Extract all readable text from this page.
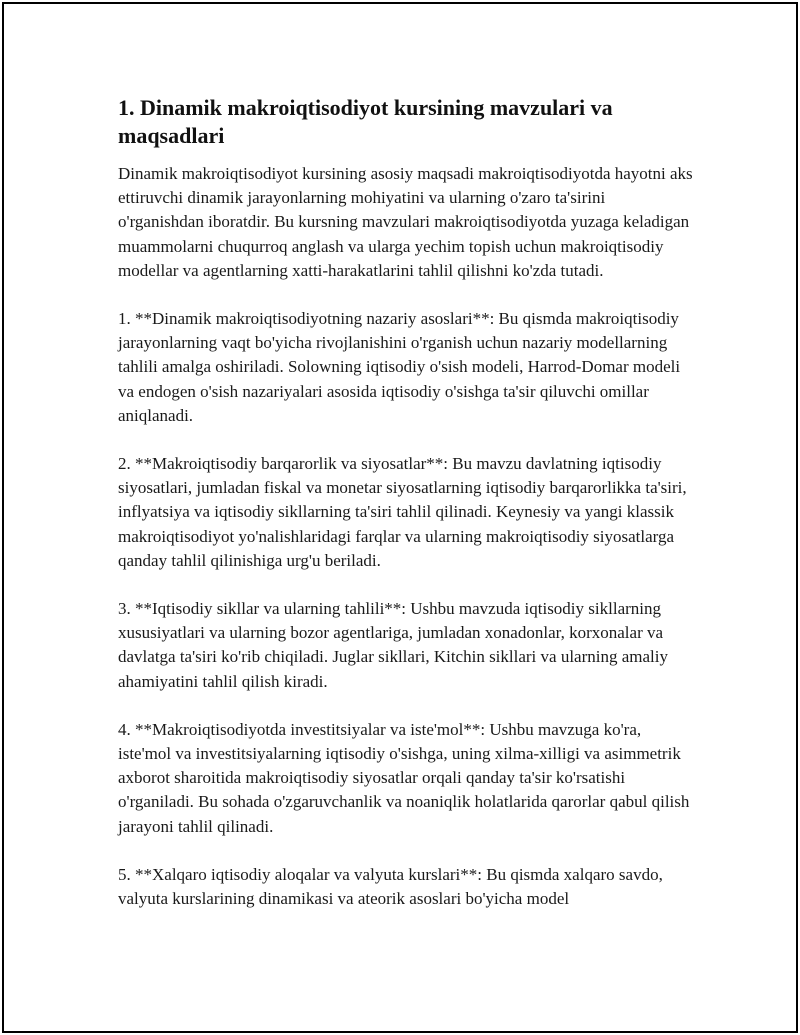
1. Dinamik makroiqtisodiyot kursining mavzulari va maqsadlari

Dinamik makroiqtisodiyot kursining asosiy maqsadi makroiqtisodiyotda hayotni aks ettiruvchi dinamik jarayonlarning mohiyatini va ularning o'zaro ta'sirini o'rganishdan iboratdir. Bu kursning mavzulari makroiqtisodiyotda yuzaga keladigan muammolarni chuqurroq anglash va ularga yechim topish uchun makroiqtisodiy modellar va agentlarning xatti-harakatlarini tahlil qilishni ko'zda tutadi.

1. **Dinamik makroiqtisodiyotning nazariy asoslari**: Bu qismda makroiqtisodiy jarayonlarning vaqt bo'yicha rivojlanishini o'rganish uchun nazariy modellarning tahlili amalga oshiriladi. Solowning iqtisodiy o'sish modeli, Harrod-Domar modeli va endogen o'sish nazariyalari asosida iqtisodiy o'sishga ta'sir qiluvchi omillar aniqlanadi.

2. **Makroiqtisodiy barqarorlik va siyosatlar**: Bu mavzu davlatning iqtisodiy siyosatlari, jumladan fiskal va monetar siyosatlarning iqtisodiy barqarorlikka ta'siri, inflyatsiya va iqtisodiy sikllarning ta'siri tahlil qilinadi. Keynesiy va yangi klassik makroiqtisodiyot yo'nalishlaridagi farqlar va ularning makroiqtisodiy siyosatlarga qanday tahlil qilinishiga urg'u beriladi.

3. **Iqtisodiy sikllar va ularning tahlili**: Ushbu mavzuda iqtisodiy sikllarning xususiyatlari va ularning bozor agentlariga, jumladan xonadonlar, korxonalar va davlatga ta'siri ko'rib chiqiladi. Juglar sikllari, Kitchin sikllari va ularning amaliy ahamiyatini tahlil qilish kiradi.

4. **Makroiqtisodiyotda investitsiyalar va iste'mol**: Ushbu mavzuga ko'ra, iste'mol va investitsiyalarning iqtisodiy o'sishga, uning xilma-xilligi va asimmetrik axborot sharoitida makroiqtisodiy siyosatlar orqali qanday ta'sir ko'rsatishi o'rganiladi. Bu sohada o'zgaruvchanlik va noaniqlik holatlarida qarorlar qabul qilish jarayoni tahlil qilinadi.

5. **Xalqaro iqtisodiy aloqalar va valyuta kurslari**: Bu qismda xalqaro savdo, valyuta kurslarining dinamikasi va ateorik asoslari bo'yicha model
